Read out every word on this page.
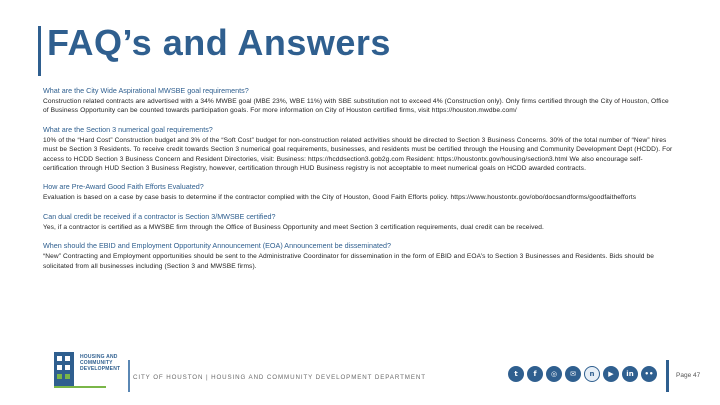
FAQ’s and Answers

What are the City Wide Aspirational MWSBE goal requirements?

Construction related contracts are advertised with a 34% MWBE goal (MBE 23%, WBE 11%) with SBE substitution not to exceed 4% (Construction only). Only firms certified through the City of Houston, Office of Business Opportunity can be counted towards participation goals. For more information on City of Houston certified firms, visit https://houston.mwdbe.com/

What are the Section 3 numerical goal requirements?

10% of the “Hard Cost” Construction budget and 3% of the “Soft Cost” budget for non-construction related activities should be directed to Section 3 Business Concerns. 30% of the total number of “New” hires must be Section 3 Residents. To receive credit towards Section 3 numerical goal requirements, businesses, and residents must be certified through the Housing and Community Development Dept (HCDD). For access to HCDD Section 3 Business Concern and Resident Directories, visit: Business: https://hcddsection3.gob2g.com Resident: https://houstontx.gov/housing/section3.html We also encourage self-certification through HUD Section 3 Business Registry, however, certification through HUD Business registry is not acceptable to meet numerical goals on HCDD awarded contracts.

How are Pre-Award Good Faith Efforts Evaluated?

Evaluation is based on a case by case basis to determine if the contractor complied with the City of Houston, Good Faith Efforts policy. https://www.houstontx.gov/obo/docsandforms/goodfaithefforts

Can dual credit be received if a contractor is Section 3/MWSBE certified?

Yes, if a contractor is certified as a MWSBE firm through the Office of Business Opportunity and meet Section 3 certification requirements, dual credit can be received.

When should the EBID and Employment Opportunity Announcement (EOA) Announcement be disseminated?

“New” Contracting and Employment opportunities should be sent to the Administrative Coordinator for dissemination in the form of EBID and EOA’s to Section 3 Businesses and Residents. Bids should be solicitated from all businesses including (Section 3 and MWSBE firms).

HOUSING AND
COMMUNITY
DEVELOPMENT
CITY OF HOUSTON | HOUSING AND COMMUNITY DEVELOPMENT DEPARTMENT	t	f	◎	✉	n	▶	in	••	Page 47
